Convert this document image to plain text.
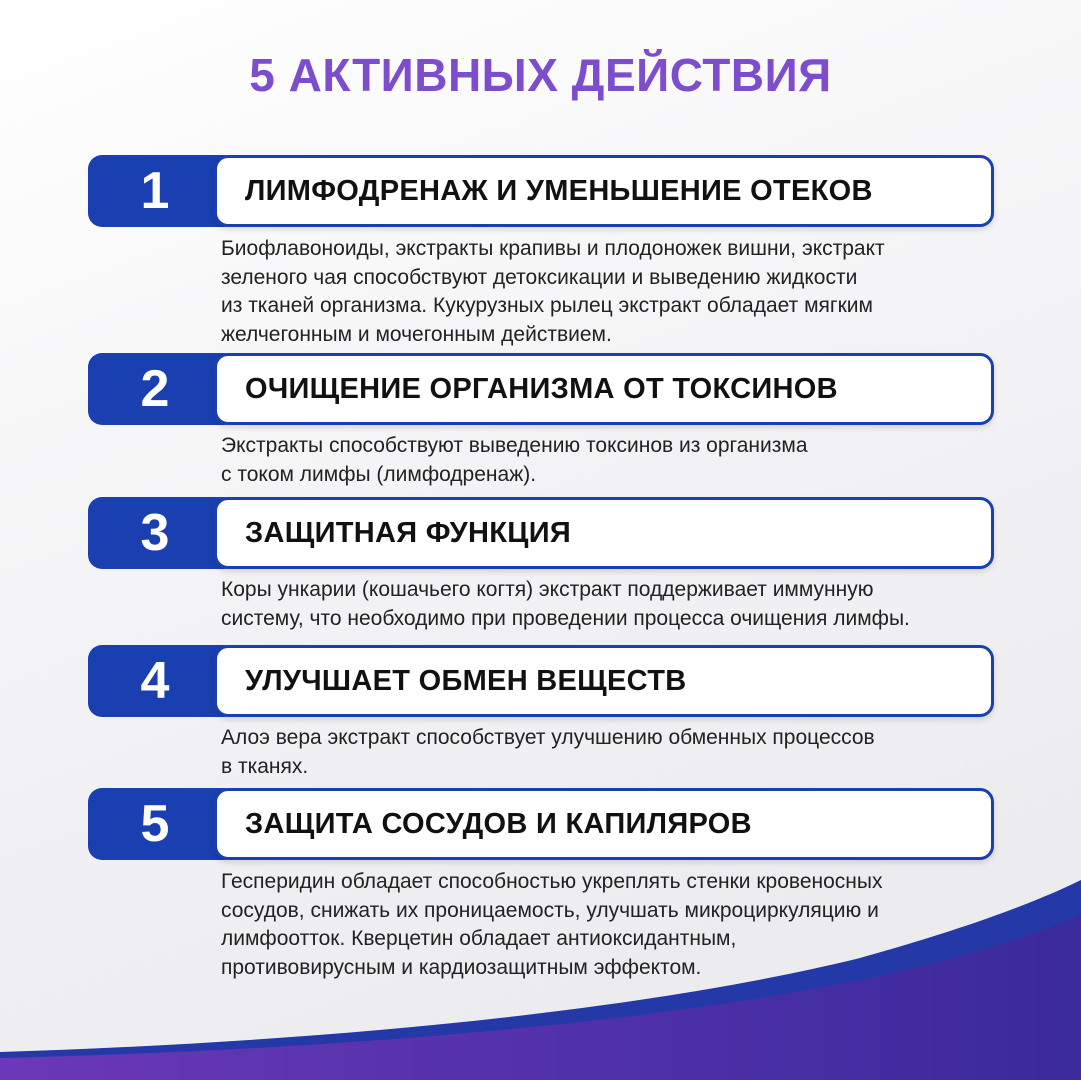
5 АКТИВНЫХ ДЕЙСТВИЯ
1	ЛИМФОДРЕНАЖ И УМЕНЬШЕНИЕ ОТЕКОВ
Биофлавоноиды, экстракты крапивы и плодоножек вишни, экстракт
зеленого чая способствуют детоксикации и выведению жидкости
из тканей организма. Кукурузных рылец экстракт обладает мягким
желчегонным и мочегонным действием.
2	ОЧИЩЕНИЕ ОРГАНИЗМА ОТ ТОКСИНОВ
Экстракты способствуют выведению токсинов из организма
с током лимфы (лимфодренаж).
3	ЗАЩИТНАЯ ФУНКЦИЯ
Коры ункарии (кошачьего когтя) экстракт поддерживает иммунную
систему, что необходимо при проведении процесса очищения лимфы.
4	УЛУЧШАЕТ ОБМЕН ВЕЩЕСТВ
Алоэ вера экстракт способствует улучшению обменных процессов
в тканях.
5	ЗАЩИТА СОСУДОВ И КАПИЛЯРОВ
Гесперидин обладает способностью укреплять стенки кровеносных
сосудов, снижать их проницаемость, улучшать микроциркуляцию и
лимфоотток. Кверцетин обладает антиоксидантным,
противовирусным и кардиозащитным эффектом.
